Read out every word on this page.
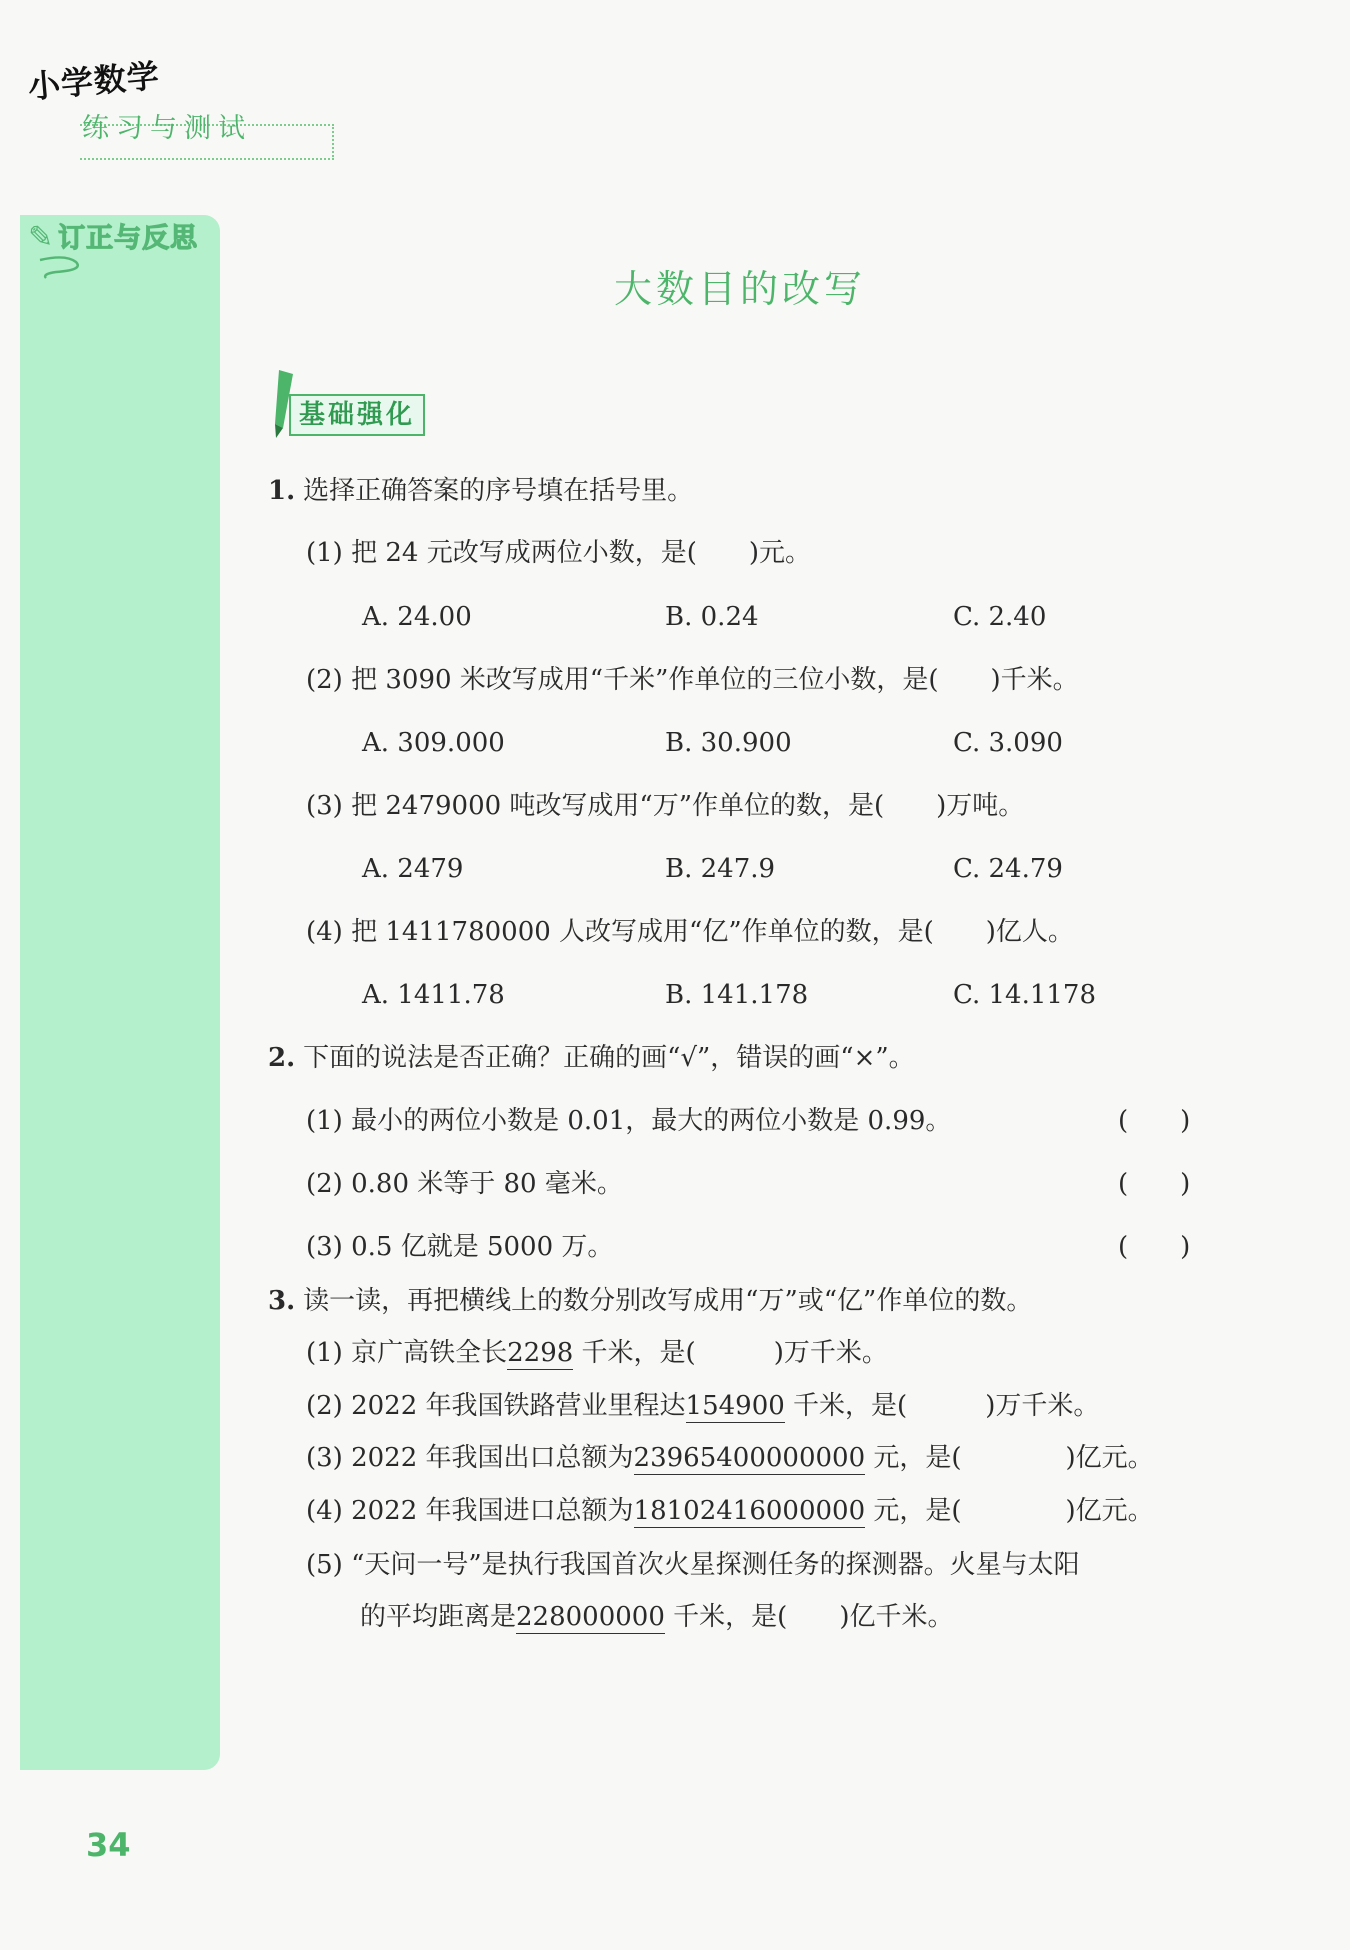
小学数学
练习与测试
✎ 订正与反思
大数目的改写
基础强化
1. 选择正确答案的序号填在括号里。
(1) 把 24 元改写成两位小数，是(　　)元。
A. 24.00	B. 0.24	C. 2.40
(2) 把 3090 米改写成用“千米”作单位的三位小数，是(　　)千米。
A. 309.000	B. 30.900	C. 3.090
(3) 把 2479000 吨改写成用“万”作单位的数，是(　　)万吨。
A. 2479	B. 247.9	C. 24.79
(4) 把 1411780000 人改写成用“亿”作单位的数，是(　　)亿人。
A. 1411.78	B. 141.178	C. 14.1178
2. 下面的说法是否正确？正确的画“√”，错误的画“×”。
(1) 最小的两位小数是 0.01，最大的两位小数是 0.99。	(　　)
(2) 0.80 米等于 80 毫米。	(　　)
(3) 0.5 亿就是 5000 万。	(　　)
3. 读一读，再把横线上的数分别改写成用“万”或“亿”作单位的数。
(1) 京广高铁全长2298 千米，是(　　　)万千米。
(2) 2022 年我国铁路营业里程达154900 千米，是(　　　)万千米。
(3) 2022 年我国出口总额为23965400000000 元，是(　　　　)亿元。
(4) 2022 年我国进口总额为18102416000000 元，是(　　　　)亿元。
(5) “天问一号”是执行我国首次火星探测任务的探测器。火星与太阳
的平均距离是228000000 千米，是(　　)亿千米。
34
